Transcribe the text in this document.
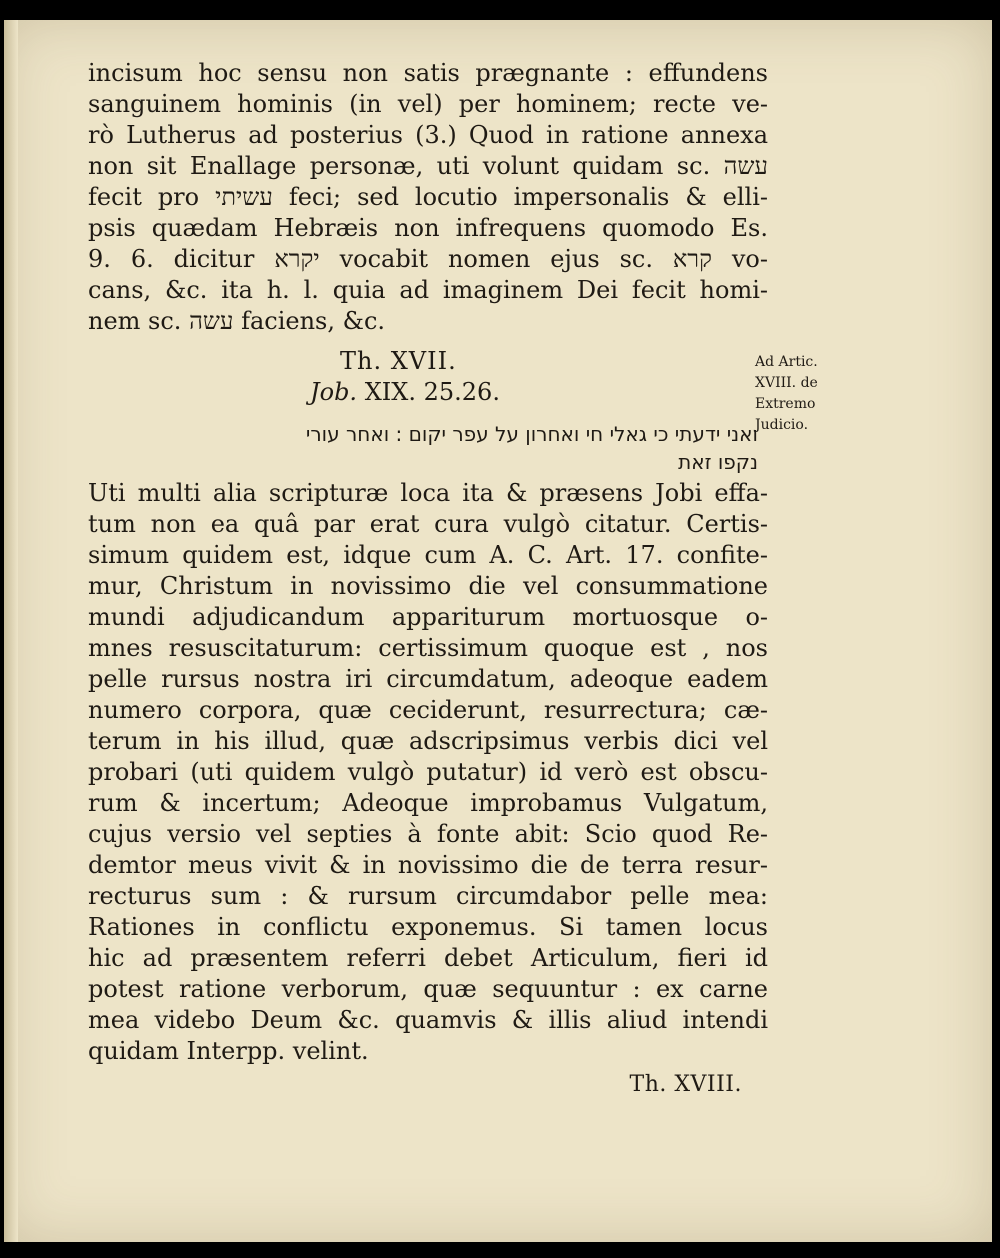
incisum hoc sensu non satis prægnante : effundens
sanguinem hominis (in vel) per hominem; recte ve-
rò Lutherus ad posterius (3.) Quod in ratione annexa
non sit Enallage personæ, uti volunt quidam sc. עשה
fecit pro עשיתי feci; sed locutio impersonalis & elli-
psis quædam Hebræis non infrequens quomodo Es.
9. 6. dicitur יקרא vocabit nomen ejus sc. קרא vo-
cans, &c. ita h. l. quia ad imaginem Dei fecit homi-
nem sc. עשה faciens, &c.
Th. XVII.
Job. XIX. 25.26.
ואני ידעתי כי גאלי חי ואחרון על עפר יקום : ואחר עורי
נקפו זאת
Ad Artic.
XVIII. de
Extremo
Judicio.
Uti multi alia scripturæ loca ita & præsens Jobi effa-
tum non ea quâ par erat cura vulgò citatur. Certis-
simum quidem est, idque cum A. C. Art. 17. confite-
mur, Christum in novissimo die vel consummatione
mundi adjudicandum appariturum mortuosque o-
mnes resuscitaturum: certissimum quoque est , nos
pelle rursus nostra iri circumdatum, adeoque eadem
numero corpora, quæ ceciderunt, resurrectura; cæ-
terum in his illud, quæ adscripsimus verbis dici vel
probari (uti quidem vulgò putatur) id verò est obscu-
rum & incertum; Adeoque improbamus Vulgatum,
cujus versio vel septies à fonte abit: Scio quod Re-
demtor meus vivit & in novissimo die de terra resur-
recturus sum : & rursum circumdabor pelle mea:
Rationes in conflictu exponemus. Si tamen locus
hic ad præsentem referri debet Articulum, fieri id
potest ratione verborum, quæ sequuntur : ex carne
mea videbo Deum &c. quamvis & illis aliud intendi
quidam Interpp. velint.
Th. XVIII.
